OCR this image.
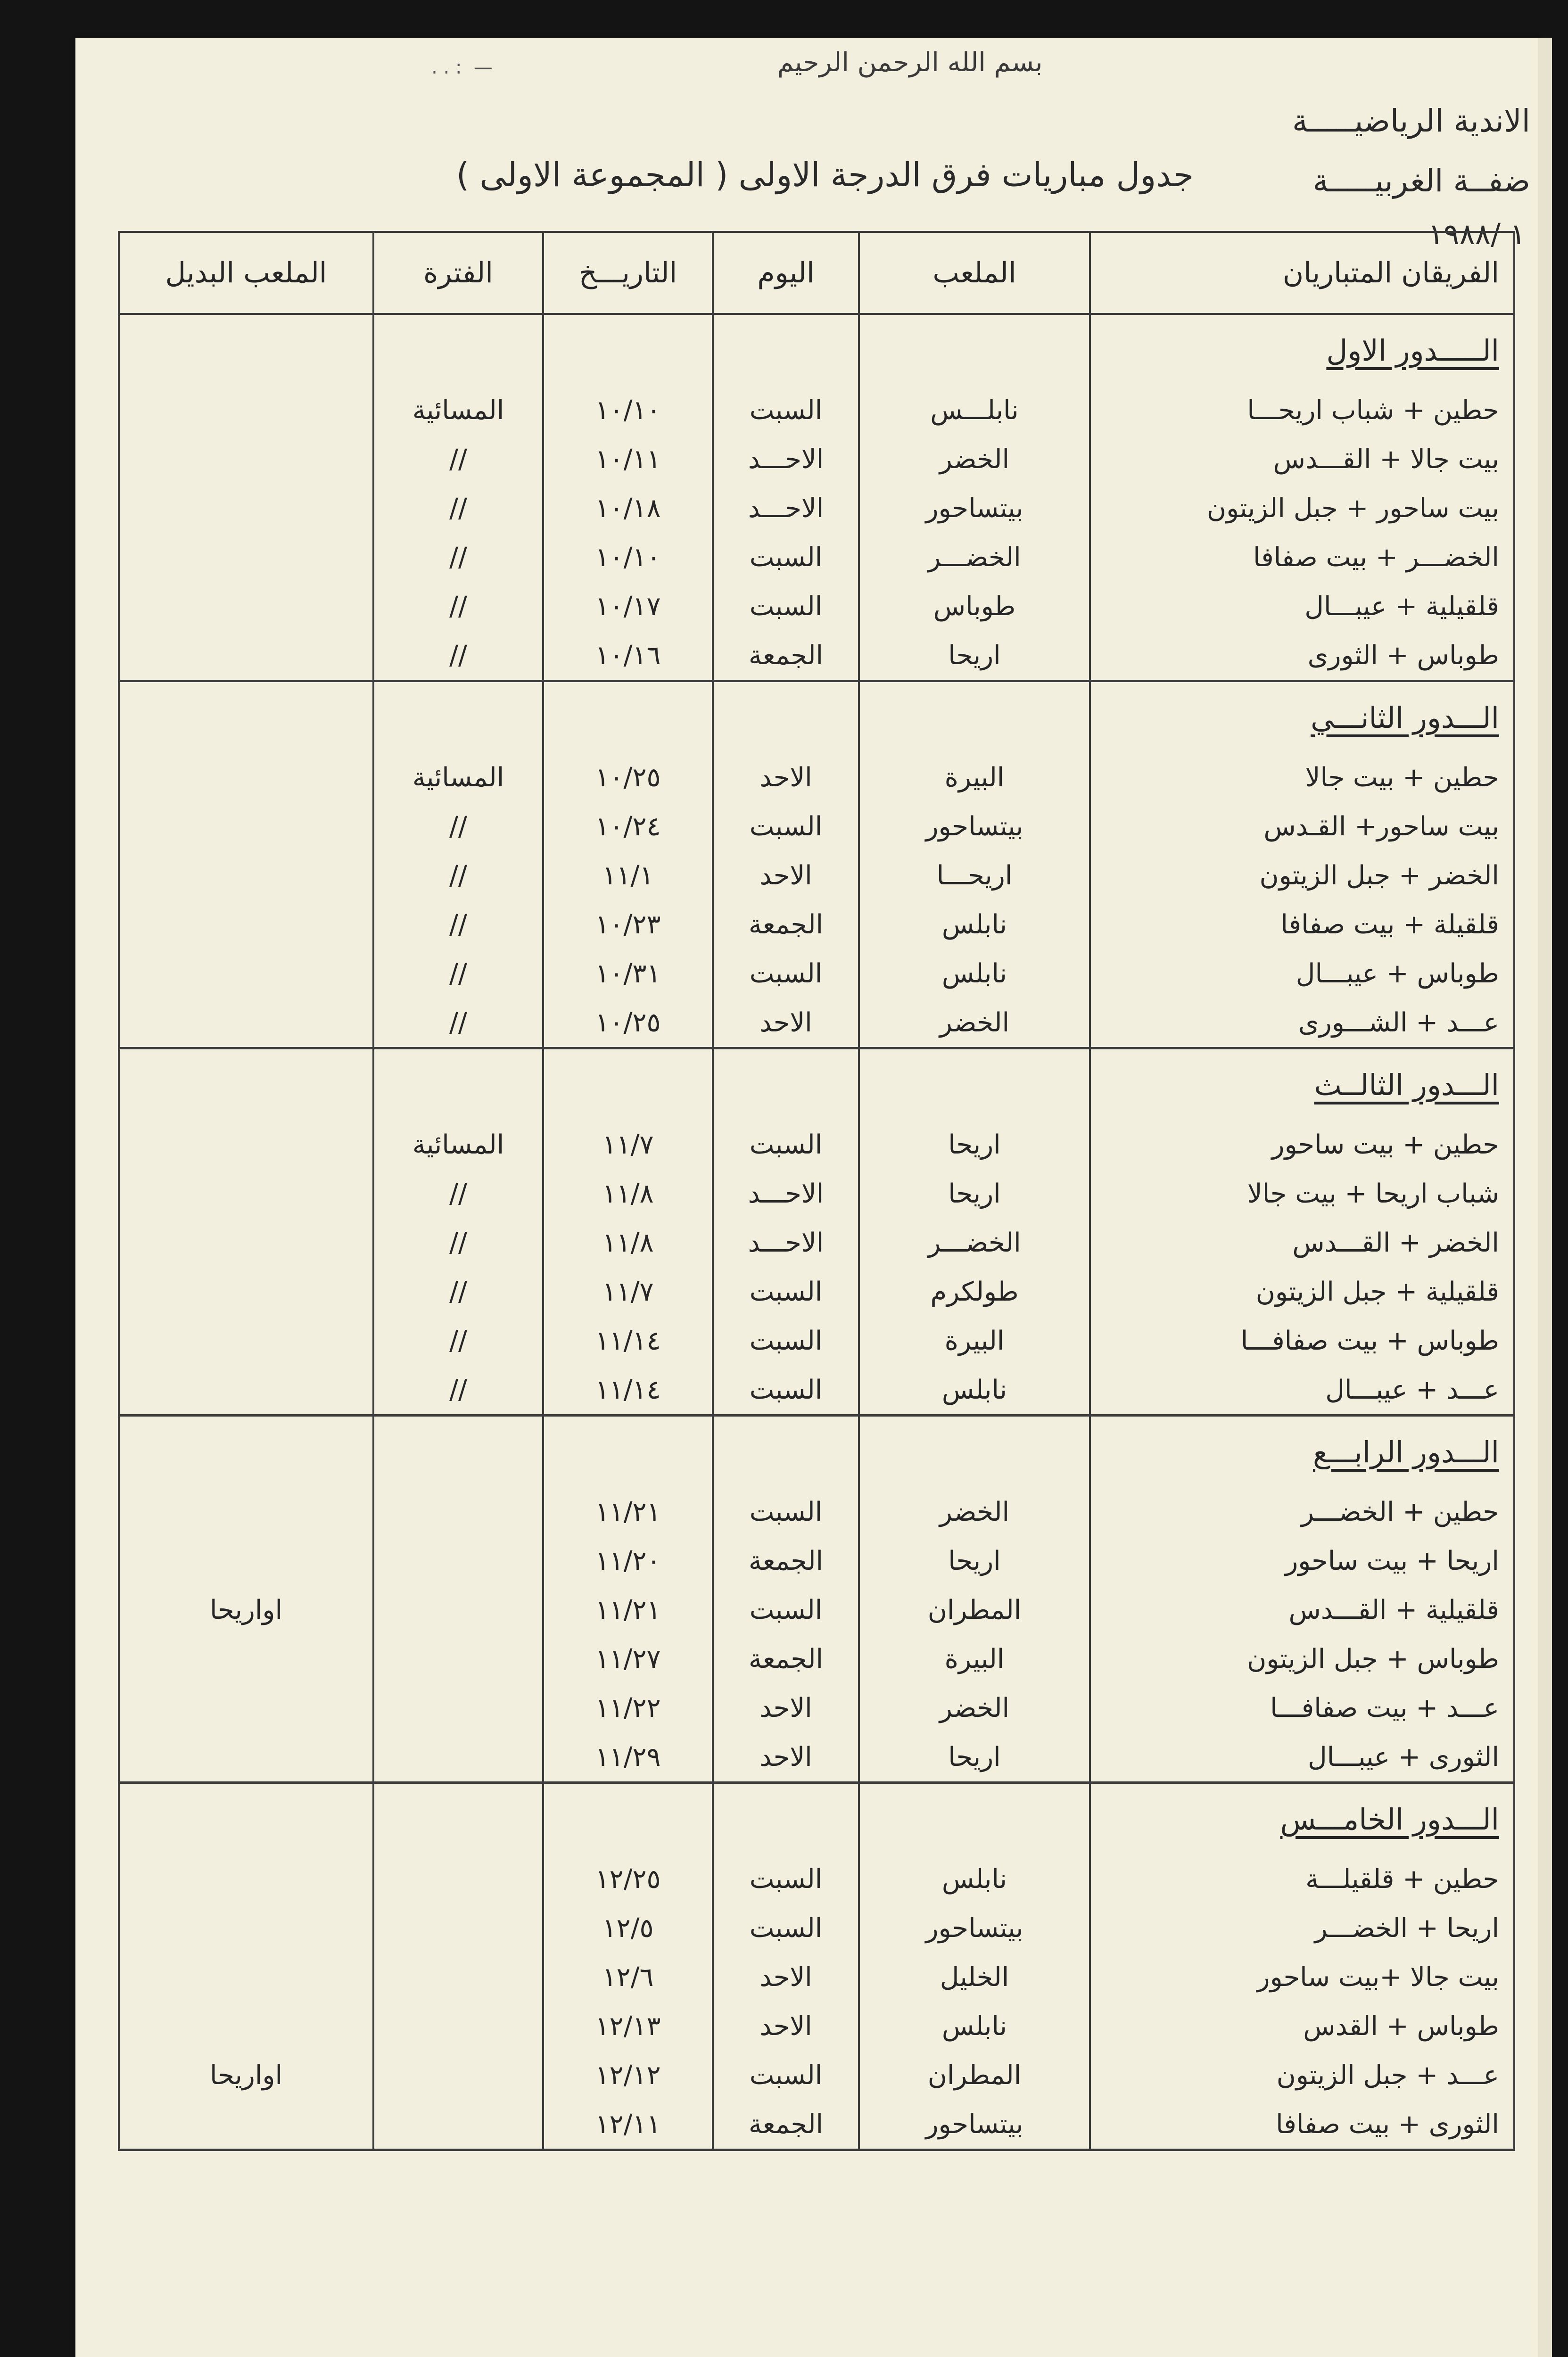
بسم الله الرحمن الرحيم
—  : . .
الاندية الرياضيـــــة
ضفــة الغربيـــــة
جدول مباريات فرق الدرجة الاولى ( المجموعة الاولى )
١ /١٩٨٨
الفريقان المتباريان	الملعب	اليوم	التاريـــخ	الفترة	الملعب البديل
الـــــدور الاول					
حطين + شباب اريحـــا	نابلـــس	السبت	١٠/١٠	المسائية	
بيت جالا + القـــدس	الخضر	الاحـــد	١٠/١١	//	
بيت ساحور + جبل الزيتون	بيتساحور	الاحـــد	١٠/١٨	//	
الخضـــر + بيت صفافا	الخضـــر	السبت	١٠/١٠	//	
قلقيلية + عيبـــال	طوباس	السبت	١٠/١٧	//	
طوباس + الثورى	اريحا	الجمعة	١٠/١٦	//	
الـــدور الثانـــي					
حطين + بيت جالا	البيرة	الاحد	١٠/٢٥	المسائية	
بيت ساحور+ القـدس	بيتساحور	السبت	١٠/٢٤	//	
الخضر + جبل الزيتون	اريحـــا	الاحد	١١/١	//	
قلقيلة + بيت صفافا	نابلس	الجمعة	١٠/٢٣	//	
طوباس + عيبـــال	نابلس	السبت	١٠/٣١	//	
عـــد + الشـــورى	الخضر	الاحد	١٠/٢٥	//	
الـــدور الثالــث					
حطين + بيت ساحور	اريحا	السبت	١١/٧	المسائية	
شباب اريحا + بيت جالا	اريحا	الاحـــد	١١/٨	//	
الخضر + القـــدس	الخضـــر	الاحـــد	١١/٨	//	
قلقيلية + جبل الزيتون	طولكرم	السبت	١١/٧	//	
طوباس + بيت صفافـــا	البيرة	السبت	١١/١٤	//	
عـــد + عيبـــال	نابلس	السبت	١١/١٤	//	
الـــدور الرابـــع					
حطين + الخضـــر	الخضر	السبت	١١/٢١		
اريحا + بيت ساحور	اريحا	الجمعة	١١/٢٠		
قلقيلية + القـــدس	المطران	السبت	١١/٢١		اواريحا
طوباس + جبل الزيتون	البيرة	الجمعة	١١/٢٧		
عـــد + بيت صفافـــا	الخضر	الاحد	١١/٢٢		
الثورى + عيبـــال	اريحا	الاحد	١١/٢٩		
الـــدور الخامـــس					
حطين + قلقيلـــة	نابلس	السبت	١٢/٢٥		
اريحا + الخضـــر	بيتساحور	السبت	١٢/٥		
بيت جالا +بيت ساحور	الخليل	الاحد	١٢/٦		
طوباس + القدس	نابلس	الاحد	١٢/١٣		
عـــد + جبل الزيتون	المطران	السبت	١٢/١٢		اواريحا
الثورى + بيت صفافا	بيتساحور	الجمعة	١٢/١١		
